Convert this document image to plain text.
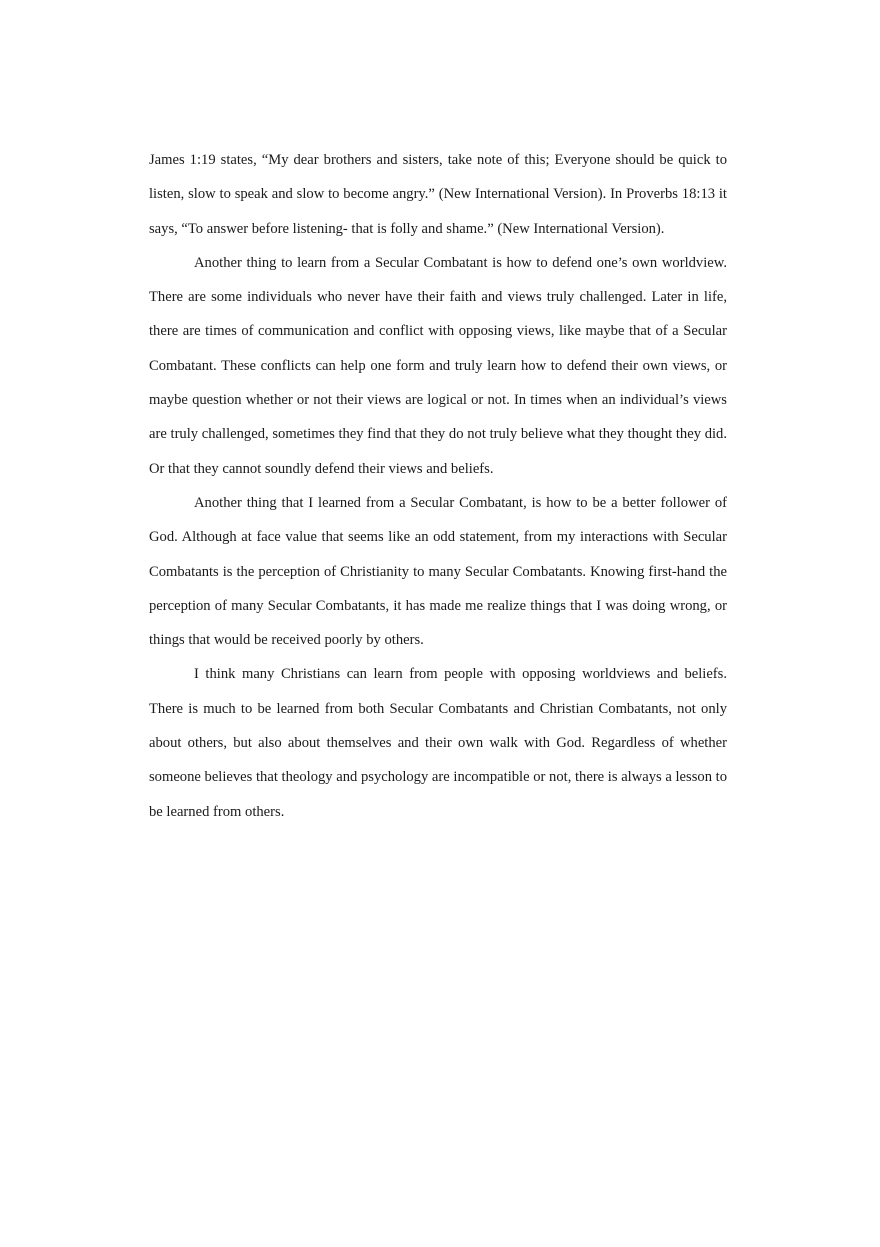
James 1:19 states, “My dear brothers and sisters, take note of this; Everyone should be quick to listen, slow to speak and slow to become angry.” (New International Version). In Proverbs 18:13 it says, “To answer before listening- that is folly and shame.” (New International Version).

Another thing to learn from a Secular Combatant is how to defend one’s own worldview. There are some individuals who never have their faith and views truly challenged. Later in life, there are times of communication and conflict with opposing views, like maybe that of a Secular Combatant. These conflicts can help one form and truly learn how to defend their own views, or maybe question whether or not their views are logical or not. In times when an individual’s views are truly challenged, sometimes they find that they do not truly believe what they thought they did. Or that they cannot soundly defend their views and beliefs.

Another thing that I learned from a Secular Combatant, is how to be a better follower of God. Although at face value that seems like an odd statement, from my interactions with Secular Combatants is the perception of Christianity to many Secular Combatants. Knowing first-hand the perception of many Secular Combatants, it has made me realize things that I was doing wrong, or things that would be received poorly by others.

I think many Christians can learn from people with opposing worldviews and beliefs. There is much to be learned from both Secular Combatants and Christian Combatants, not only about others, but also about themselves and their own walk with God. Regardless of whether someone believes that theology and psychology are incompatible or not, there is always a lesson to be learned from others.
